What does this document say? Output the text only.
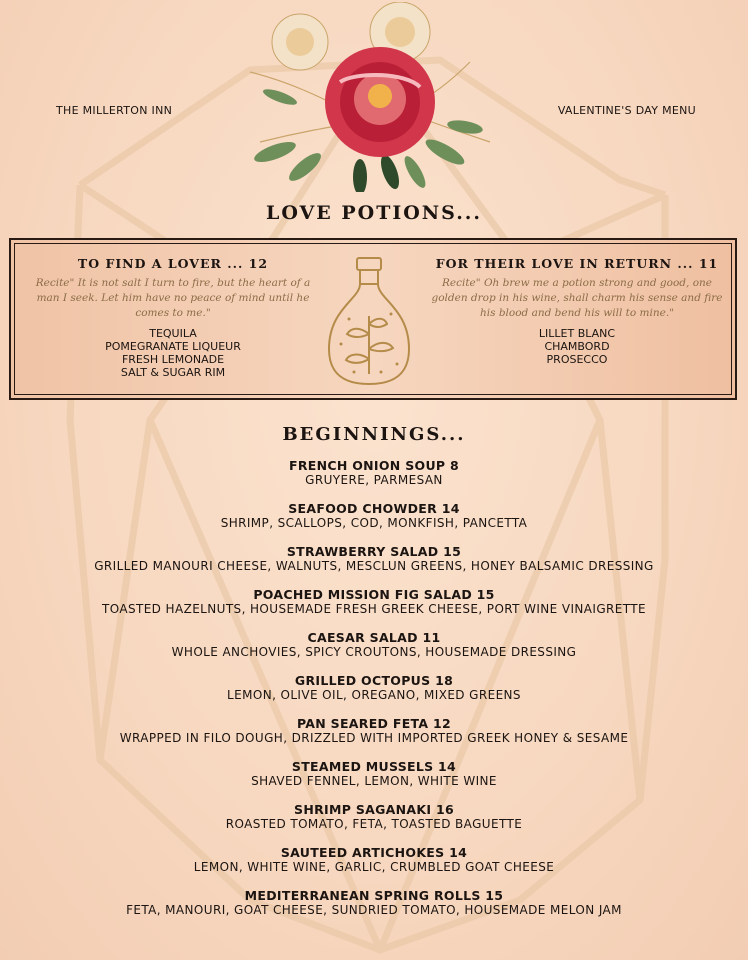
THE MILLERTON INN	VALENTINE'S DAY MENU
LOVE POTIONS...
TO FIND A LOVER ... 12
Recite" It is not salt I turn to fire, but the heart of a man I seek. Let him have no peace of mind until he comes to me."
TEQUILA
POMEGRANATE LIQUEUR
FRESH LEMONADE
SALT & SUGAR RIM
FOR THEIR LOVE IN RETURN ... 11
Recite" Oh brew me a potion strong and good, one golden drop in his wine, shall charm his sense and fire his blood and bend his will to mine."
LILLET BLANC
CHAMBORD
PROSECCO
BEGINNINGS...
FRENCH ONION SOUP 8
GRUYERE, PARMESAN
SEAFOOD CHOWDER 14
SHRIMP, SCALLOPS, COD, MONKFISH, PANCETTA
STRAWBERRY SALAD 15
GRILLED MANOURI CHEESE, WALNUTS, MESCLUN GREENS, HONEY BALSAMIC DRESSING
POACHED MISSION FIG SALAD 15
TOASTED HAZELNUTS, HOUSEMADE FRESH GREEK CHEESE, PORT WINE VINAIGRETTE
CAESAR SALAD 11
WHOLE ANCHOVIES, SPICY CROUTONS, HOUSEMADE DRESSING
GRILLED OCTOPUS 18
LEMON, OLIVE OIL, OREGANO, MIXED GREENS
PAN SEARED FETA 12
WRAPPED IN FILO DOUGH, DRIZZLED WITH IMPORTED GREEK HONEY & SESAME
STEAMED MUSSELS 14
SHAVED FENNEL, LEMON, WHITE WINE
SHRIMP SAGANAKI 16
ROASTED TOMATO, FETA, TOASTED BAGUETTE
SAUTEED ARTICHOKES 14
LEMON, WHITE WINE, GARLIC, CRUMBLED GOAT CHEESE
MEDITERRANEAN SPRING ROLLS 15
FETA, MANOURI, GOAT CHEESE, SUNDRIED TOMATO, HOUSEMADE MELON JAM
